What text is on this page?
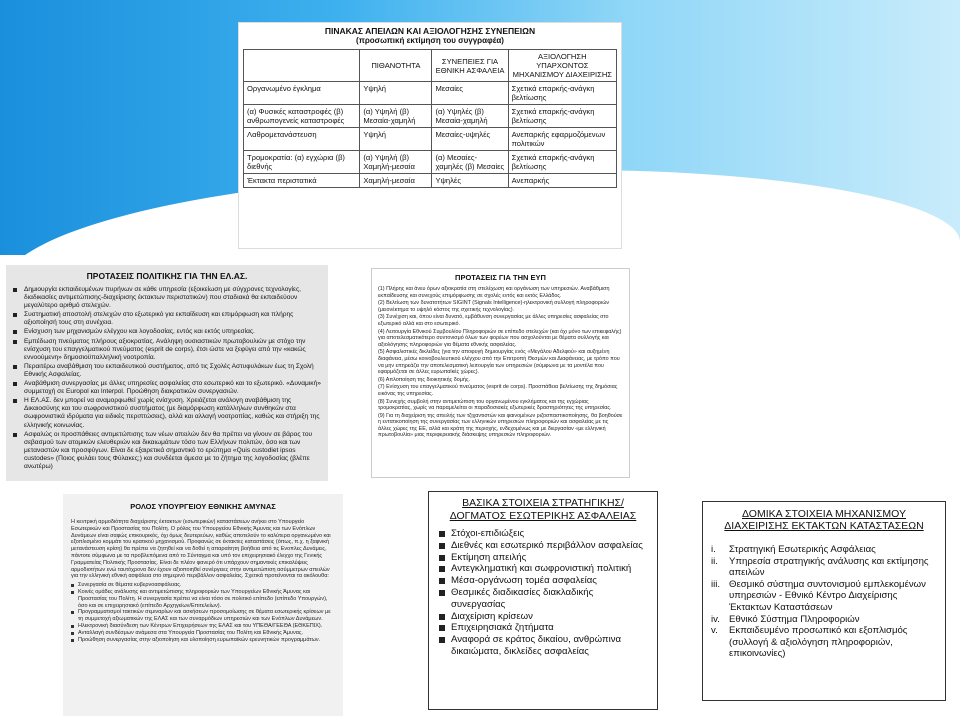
ΠΙΝΑΚΑΣ ΑΠΕΙΛΩΝ ΚΑΙ ΑΞΙΟΛΟΓΗΣΗΣ ΣΥΝΕΠΕΙΩΝ
(προσωπική εκτίμηση του συγγραφέα)
	ΠΙΘΑΝΟΤΗΤΑ	ΣΥΝΕΠΕΙΕΣ ΓΙΑ ΕΘΝΙΚΗ ΑΣΦΑΛΕΙΑ	ΑΞΙΟΛΟΓΗΣΗ ΥΠΑΡΧΟΝΤΟΣ ΜΗΧΑΝΙΣΜΟΥ ΔΙΑΧΕΙΡΙΣΗΣ
Οργανωμένο έγκλημα	Υψηλή	Μεσαίες	Σχετικά επαρκής-ανάγκη βελτίωσης
(α) Φυσικές καταστροφές (β) ανθρωπογενείς καταστροφές	(α) Υψηλή (β) Μεσαία-χαμηλή	(α) Υψηλές (β) Μεσαία-χαμηλή	Σχετικά επαρκής-ανάγκη βελτίωσης
Λαθρομετανάστευση	Υψηλή	Μεσαίες-υψηλές	Ανεπαρκής εφαρμοζόμενων πολιτικών
Τρομοκρατία: (α) εγχώρια (β) διεθνής	(α) Υψηλή (β) Χαμηλή-μεσαία	(α) Μεσαίες-χαμηλές (β) Μεσαίες	Σχετικά επαρκής-ανάγκη βελτίωσης
Έκτακτα περιστατικά	Χαμηλή-μεσαία	Υψηλές	Ανεπαρκής
ΠΡΟΤΑΣΕΙΣ ΠΟΛΙΤΙΚΗΣ ΓΙΑ ΤΗΝ ΕΛ.ΑΣ.
Δημιουργία εκπαιδευμένων πυρήνων σε κάθε υπηρεσία (εξοικείωση με σύγχρονες τεχνολογίες, διαδικασίες αντιμετώπισης-διαχείρισης έκτακτων περιστατικών) που σταδιακά θα εκπαιδεύουν μεγαλύτερο αριθμό στελεχών.
Συστηματική αποστολή στελεχών στο εξωτερικό για εκπαίδευση και επιμόρφωση και πλήρης αξιοποίησή τους στη συνέχεια.
Ενίσχυση των μηχανισμών ελέγχου και λογοδοσίας, εντός και εκτός υπηρεσίας.
Εμπέδωση πνεύματος πλήρους αξιοκρατίας. Ανάληψη ουσιαστικών πρωτοβουλιών με στόχο την ενίσχυση του επαγγελματικού πνεύματος (esprit de corps), έτσι ώστε να ξεφύγει από την «κακώς εννοούμενη» δημοσιοϋπαλληλική νοοτροπία.
Περαιτέρω αναβάθμιση του εκπαιδευτικού συστήματος, από τις Σχολές Αστυφυλάκων έως τη Σχολή Εθνικής Ασφαλείας.
Αναβάθμιση συνεργασίας με άλλες υπηρεσίες ασφαλείας στο εσωτερικό και το εξωτερικό. «Δυναμική» συμμετοχή σε Europol και Interpol. Προώθηση διακρατικών συνεργασιών.
Η ΕΛ.ΑΣ. δεν μπορεί να αναμορφωθεί χωρίς ενίσχυση. Χρειάζεται ανάλογη αναβάθμιση της Δικαιοσύνης και του σωφρονιστικού συστήματος (με διαμόρφωση κατάλληλων συνθηκών στα σωφρονιστικά ιδρύματα για ειδικές περιπτώσεις), αλλά και αλλαγή νοοτροπίας, καθώς και στήριξη της ελληνικής κοινωνίας.
Ασφαλώς οι προσπάθειες αντιμετώπισης των νέων απειλών δεν θα πρέπει να γίνουν σε βάρος του σεβασμού των ατομικών ελευθεριών και δικαιωμάτων τόσο των Ελλήνων πολιτών, όσο και των μεταναστών και προσφύγων. Είναι δε εξαιρετικά σημαντικό το ερώτημα «Quis custodiet ipsos custodes» (Ποιος φυλάει τους Φύλακες;) και συνδέεται άμεσα με το ζήτημα της λογοδοσίας (βλέπε ανωτέρω)
ΠΡΟΤΑΣΕΙΣ ΓΙΑ ΤΗΝ ΕΥΠ

(1) Πλήρης και άνευ όρων αξιοκρατία στη στελέχωση και οργάνωση των υπηρεσιών. Αναβάθμιση εκπαίδευσης και συνεχούς επιμόρφωσης σε σχολές εντός και εκτός Ελλάδος.

(2) Βελτίωση των δυνατοτήτων SIGINT (Signals Intelligence)-ηλεκτρονική συλλογή πληροφοριών (μειονέκτημα το υψηλό κόστος της σχετικής τεχνολογίας).

(3) Συνέχιση και, όπου είναι δυνατό, εμβάθυνση συνεργασίας με άλλες υπηρεσίες ασφαλείας στο εξωτερικό αλλά και στο εσωτερικό.

(4) Λειτουργία Εθνικού Συμβουλίου Πληροφοριών σε επίπεδο στελεχών (και όχι μόνο των επικεφαλής) για αποτελεσματικότερο συντονισμό όλων των φορέων που ασχολούνται με θέματα συλλογής και αξιολόγησης πληροφοριών για θέματα εθνικής ασφαλείας.

(5) Ασφαλιστικές δικλείδες (για την αποφυγή δημιουργίας ενός «Μεγάλου Αδελφού» και αυξημένη διαφάνεια, μέσω κοινοβουλευτικού ελέγχου από την Επιτροπή Θεσμών και Διαφάνειας, με τρόπο που να μην επηρεάζει την αποτελεσματική λειτουργία των υπηρεσιών (σύμφωνα με τα μοντέλα που εφαρμόζεται σε άλλες ευρωπαϊκές χώρες).

(6) Απλοποίηση της διοικητικής δομής.

(7) Ενίσχυση του επαγγελματικού πνεύματος (esprit de corps). Προσπάθεια βελτίωσης της δημόσιας εικόνας της υπηρεσίας.

(8) Συνεχής συμβολή στην αντιμετώπιση του οργανωμένου εγκλήματος και της εγχώριας τρομοκρατίας, χωρίς να παραμελείται οι παραδοσιακές εξωτερικές δραστηριότητες της υπηρεσίας.

(9) Για τη διαχείριση της απειλής των τζιχαντιστών και φαινομένων ριζοσπαστικοποίησης, θα βοηθούσε η εντατικοποίηση της συνεργασίας των ελληνικών υπηρεσιών πληροφοριών και ασφαλείας με τις άλλες χώρες της ΕΕ, αλλά και κράτη της περιοχής, ενδεχομένως και με διεργασίαν «με ελληνική πρωτοβουλία» μιας περιφερειακής διάσκεψης υπηρεσιών πληροφοριών.

ΡΟΛΟΣ ΥΠΟΥΡΓΕΙΟΥ ΕΘΝΙΚΗΣ ΑΜΥΝΑΣ
Η κεντρική αρμοδιότητα διαχείρισης έκτακτων (εσωτερικών) καταστάσεων ανήκει στο Υπουργείο Εσωτερικών και Προστασίας του Πολίτη. Ο ρόλος του Υπουργείου Εθνικής Άμυνας και των Ενόπλων Δυνάμεων είναι σαφώς επικουρικός, όχι όμως δευτερεύων, καθώς αποτελούν το καλύτερα οργανωμένο και εξοπλισμένο κομμάτι του κρατικού μηχανισμού. Προφανώς σε έκτακτες καταστάσεις (όπως, π.χ. η ξαφνική μετανάστευση κρίση) θα πρέπει να ζητηθεί και να δοθεί η απαραίτητη βοήθεια από τις Ενοπλες Δυνάμεις, πάντοτε σύμφωνα με τα προβλεπόμενα από το Σύνταγμα και υπό τον επιχειρησιακό έλεγχο της Γενικής Γραμματείας Πολιτικής Προστασίας. Είναι δε πλέον φανερό ότι υπάρχουν σημαντικές επικαλύψεις αρμοδιοτήτων ενώ ταυτόχρονα δεν έχουν αξιοποιηθεί συνέργειες στην αντιμετώπιση ασύμμετρων απειλών για την ελληνική εθνική ασφάλεια στο σημερινό περιβάλλον ασφαλείας. Σχετικά προτείνονται τα ακόλουθα:
Συνεργασία σε θέματα κυβερνοασφάλειας.
Κοινές ομάδες ανάλυσης και αντιμετώπισης πληροφοριών των Υπουργείων Εθνικής Άμυνας και Προστασίας του Πολίτη. Η συνεργασία πρέπει να είναι τόσο σε πολιτικό επίπεδο (επίπεδο Υπουργών), όσο και σε επιχειρησιακό (επίπεδο Αρχηγείων/Επιτελείων).
Προγραμματισμοί τακτικών σεμιναρίων και ασκήσεων προσομοίωσης σε θέματα εσωτερικής κρίσεων με τη συμμετοχή αξιωματικών της ΕΛΑΣ και των συναρμόδιων υπηρεσιών και των Ενόπλων Δυνάμεων.
Ηλεκτρονική διασύνδεση των Κέντρων Επιχειρήσεων της ΕΛΑΣ και του ΥΠΕΘΑ/ΓΕΕΘΑ (ΕΘΚΕΠΙΧ).
Ανταλλαγή συνδέσμων ανάμεσα στα Υπουργεία Προστασίας του Πολίτη και Εθνικής Άμυνας.
Προώθηση συνεργασίας στην αξιοποίηση και υλοποίηση ευρωπαϊκών ερευνητικών προγραμμάτων.
ΒΑΣΙΚΑ ΣΤΟΙΧΕΙΑ ΣΤΡΑΤΗΓΙΚΗΣ/ ΔΟΓΜΑΤΟΣ ΕΣΩΤΕΡΙΚΗΣ ΑΣΦΑΛΕΙΑΣ
Στόχοι-επιδιώξεις
Διεθνές και εσωτερικό περιβάλλον ασφαλείας
Εκτίμηση απειλής
Αντεγκληματική και σωφρονιστική πολιτική
Μέσα-οργάνωση τομέα ασφαλείας
Θεσμικές διαδικασίες διακλαδικής συνεργασίας
Διαχείριση κρίσεων
Επιχειρησιακά ζητήματα
Αναφορά σε κράτος δικαίου, ανθρώπινα δικαιώματα, δικλείδες ασφαλείας
ΔΟΜΙΚΑ ΣΤΟΙΧΕΙΑ ΜΗΧΑΝΙΣΜΟΥ ΔΙΑΧΕΙΡΙΣΗΣ ΕΚΤΑΚΤΩΝ ΚΑΤΑΣΤΑΣΕΩΝ
i.	Στρατηγική Εσωτερικής Ασφάλειας
ii.	Υπηρεσία στρατηγικής ανάλυσης και εκτίμησης απειλών
iii. Θεσμικό σύστημα συντονισμού εμπλεκομένων υπηρεσιών - Εθνικό Κέντρο Διαχείρισης Έκτακτων Καταστάσεων
iv. Εθνικό Σύστημα Πληροφοριών
v.	Εκπαιδευμένο προσωπικό και εξοπλισμός (συλλογή & αξιολόγηση πληροφοριών, επικοινωνίες)
